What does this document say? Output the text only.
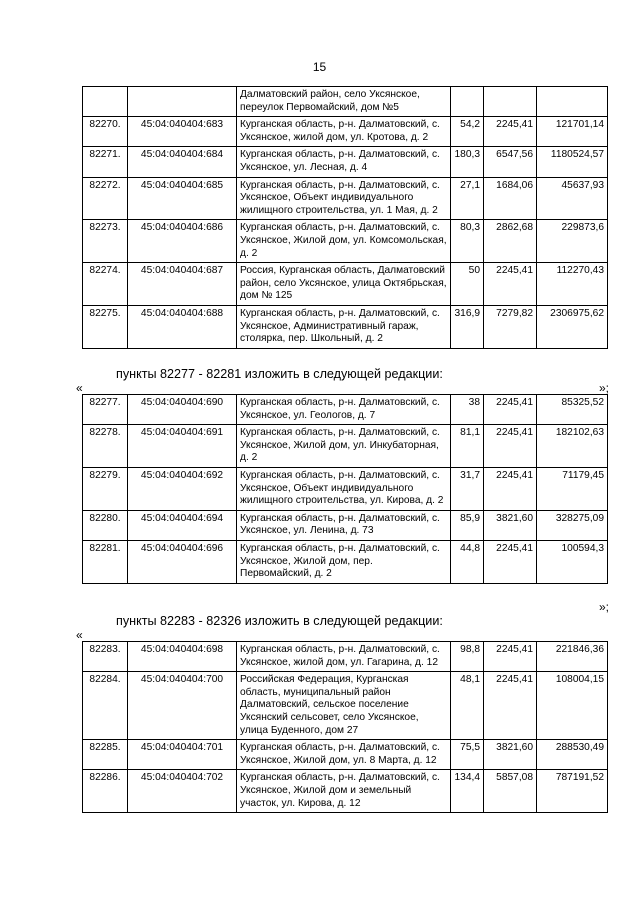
15
		Далматовский район, село Уксянское, переулок Первомайский, дом №5			
82270.	45:04:040404:683	Курганская область, р-н. Далматовский, с. Уксянское, жилой дом, ул. Кротова, д. 2	54,2	2245,41	121701,14
82271.	45:04:040404:684	Курганская область, р-н. Далматовский, с. Уксянское, ул. Лесная, д. 4	180,3	6547,56	1180524,57
82272.	45:04:040404:685	Курганская область, р-н. Далматовский, с. Уксянское, Объект индивидуального жилищного строительства, ул. 1 Мая, д. 2	27,1	1684,06	45637,93
82273.	45:04:040404:686	Курганская область, р-н. Далматовский, с. Уксянское, Жилой дом, ул. Комсомольская, д. 2	80,3	2862,68	229873,6
82274.	45:04:040404:687	Россия, Курганская область, Далматовский район, село Уксянское, улица Октябрьская, дом № 125	50	2245,41	112270,43
82275.	45:04:040404:688	Курганская область, р-н. Далматовский, с. Уксянское, Административный гараж, столярка, пер. Школьный, д. 2	316,9	7279,82	2306975,62
»;
пункты 82277 - 82281 изложить в следующей редакции:
«
82277.	45:04:040404:690	Курганская область, р-н. Далматовский, с. Уксянское, ул. Геологов, д. 7	38	2245,41	85325,52
82278.	45:04:040404:691	Курганская область, р-н. Далматовский, с. Уксянское, Жилой дом, ул. Инкубаторная, д. 2	81,1	2245,41	182102,63
82279.	45:04:040404:692	Курганская область, р-н. Далматовский, с. Уксянское, Объект индивидуального жилищного строительства, ул. Кирова, д. 2	31,7	2245,41	71179,45
82280.	45:04:040404:694	Курганская область, р-н. Далматовский, с. Уксянское, ул. Ленина, д. 73	85,9	3821,60	328275,09
82281.	45:04:040404:696	Курганская область, р-н. Далматовский, с. Уксянское, Жилой дом, пер. Первомайский, д. 2	44,8	2245,41	100594,3
»;
пункты 82283 - 82326 изложить в следующей редакции:
«
82283.	45:04:040404:698	Курганская область, р-н. Далматовский, с. Уксянское, жилой дом, ул. Гагарина, д. 12	98,8	2245,41	221846,36
82284.	45:04:040404:700	Российская Федерация, Курганская область, муниципальный район Далматовский, сельское поселение Уксянский сельсовет, село Уксянское, улица Буденного, дом 27	48,1	2245,41	108004,15
82285.	45:04:040404:701	Курганская область, р-н. Далматовский, с. Уксянское, Жилой дом, ул. 8 Марта, д. 12	75,5	3821,60	288530,49
82286.	45:04:040404:702	Курганская область, р-н. Далматовский, с. Уксянское, Жилой дом и земельный участок, ул. Кирова, д. 12	134,4	5857,08	787191,52
